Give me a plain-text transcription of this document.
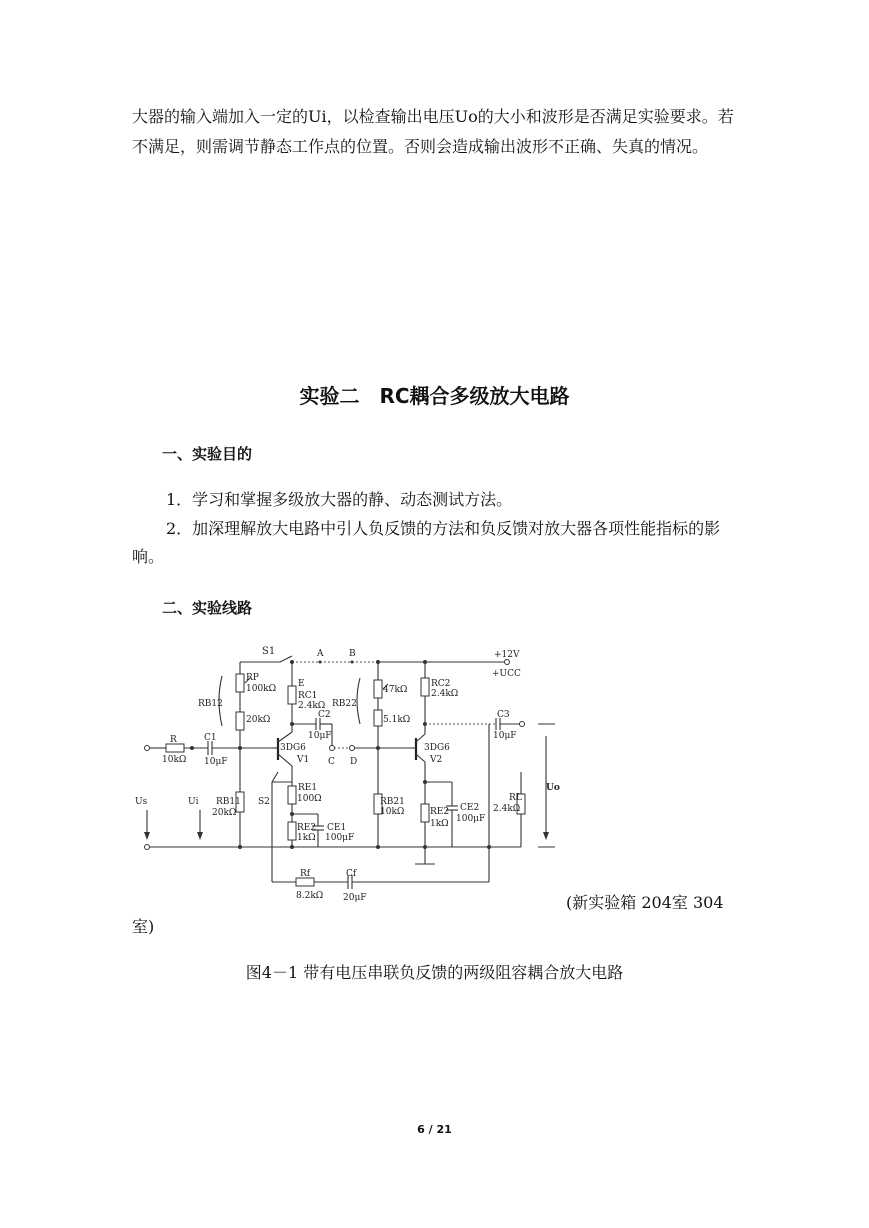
大器的输入端加入一定的Ui，以检查输出电压Uo的大小和波形是否满足实验要求。若不满足，则需调节静态工作点的位置。否则会造成输出波形不正确、失真的情况。

实验二　RC耦合多级放大电路
一、实验目的

1．学习和掌握多级放大器的静、动态测试方法。

2．加深理解放大电路中引人负反馈的方法和负反馈对放大器各项性能指标的影响。

二、实验线路
S1	A	B	+12V
+UCC
RP
100kΩ
RB12
20kΩ
E
RC1
2.4kΩ
C2
10μF
RB22
47kΩ
5.1kΩ
RC2
2.4kΩ
C3
10μF
R
10kΩ
C1
10μF
3DG6
V1 C D
3DG6
V2
Us	Ui
Uo
RB11
20kΩ
S2
RE1
100Ω
RE2
1kΩ
CE1
100μF
RB21
10kΩ	RE2
1kΩ
CE2
100μF
RL
2.4kΩ
Rf
8.2kΩ
Cf
20μF	(新实验箱 204室 304
室)
图4－1 带有电压串联负反馈的两级阻容耦合放大电路
6 / 21
